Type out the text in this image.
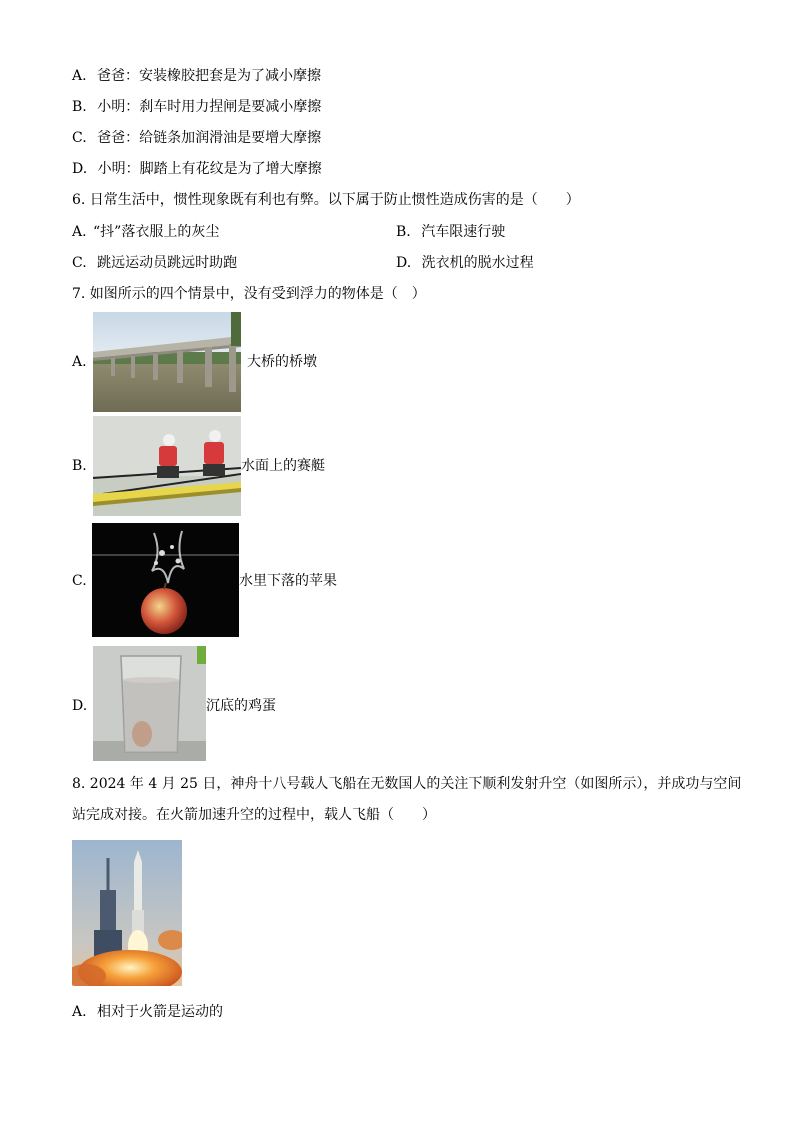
A. 爸爸：安装橡胶把套是为了减小摩擦
B. 小明：刹车时用力捏闸是要减小摩擦
C. 爸爸：给链条加润滑油是要增大摩擦
D. 小明：脚踏上有花纹是为了增大摩擦
6. 日常生活中，惯性现象既有利也有弊。以下属于防止惯性造成伤害的是（　　）
A. “抖”落衣服上的灰尘	B. 汽车限速行驶
C. 跳远运动员跳远时助跑	D. 洗衣机的脱水过程
7. 如图所示的四个情景中，没有受到浮力的物体是（　）
A.	大桥的桥墩
B.	水面上的赛艇
C.	水里下落的苹果
D.	沉底的鸡蛋
8. 2024 年 4 月 25 日，神舟十八号载人飞船在无数国人的关注下顺利发射升空（如图所示），并成功与空间
站完成对接。在火箭加速升空的过程中，载人飞船（　　）
A. 相对于火箭是运动的
